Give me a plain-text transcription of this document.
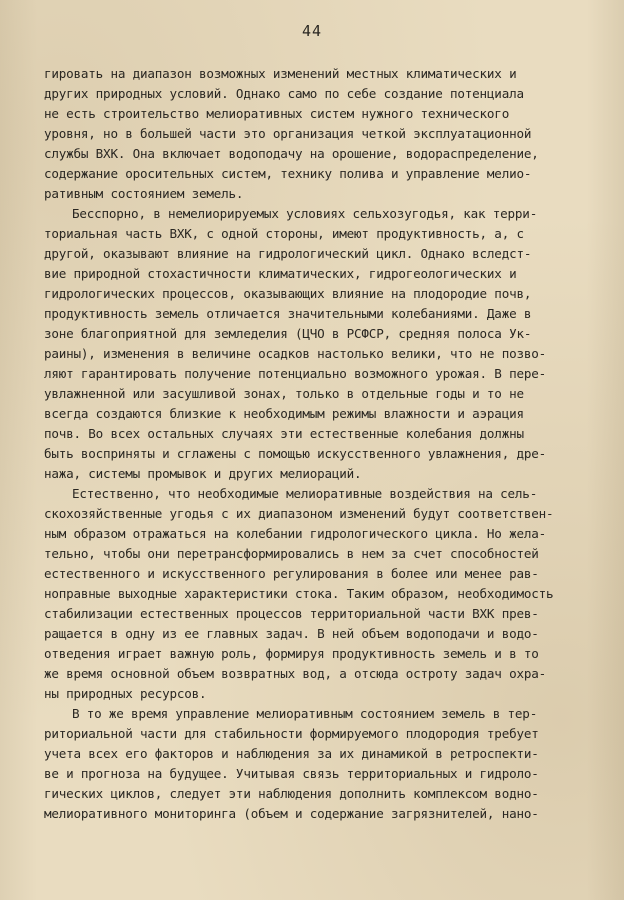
44
гировать на диапазон возможных изменений местных климатических и
других природных условий. Однако само по себе создание потенциала
не есть строительство мелиоративных систем нужного технического
уровня, но в большей части это организация четкой эксплуатационной
службы ВХК. Она включает водоподачу на орошение, водораспределение,
содержание оросительных систем, технику полива и управление мелио-
ративным состоянием земель.
Бесспорно, в немелиорируемых условиях сельхозугодья, как терри-
ториальная часть ВХК, с одной стороны, имеют продуктивность, а, с
другой, оказывают влияние на гидрологический цикл. Однако вследст-
вие природной стохастичности климатических, гидрогеологических и
гидрологических процессов, оказывающих влияние на плодородие почв,
продуктивность земель отличается значительными колебаниями. Даже в
зоне благоприятной для земледелия (ЦЧО в РСФСР, средняя полоса Ук-
раины), изменения в величине осадков настолько велики, что не позво-
ляют гарантировать получение потенциально возможного урожая. В пере-
увлажненной или засушливой зонах, только в отдельные годы и то не
всегда создаются близкие к необходимым режимы влажности и аэрация
почв. Во всех остальных случаях эти естественные колебания должны
быть восприняты и сглажены с помощью искусственного увлажнения, дре-
нажа, системы промывок и других мелиораций.
Естественно, что необходимые мелиоративные воздействия на сель-
скохозяйственные угодья с их диапазоном изменений будут соответствен-
ным образом отражаться на колебании гидрологического цикла. Но жела-
тельно, чтобы они перетрансформировались в нем за счет способностей
естественного и искусственного регулирования в более или менее рав-
ноправные выходные характеристики стока. Таким образом, необходимость
стабилизации естественных процессов территориальной части ВХК прев-
ращается в одну из ее главных задач. В ней объем водоподачи и водо-
отведения играет важную роль, формируя продуктивность земель и в то
же время основной объем возвратных вод, а отсюда остроту задач охра-
ны природных ресурсов.
В то же время управление мелиоративным состоянием земель в тер-
риториальной части для стабильности формируемого плодородия требует
учета всех его факторов и наблюдения за их динамикой в ретроспекти-
ве и прогноза на будущее. Учитывая связь территориальных и гидроло-
гических циклов, следует эти наблюдения дополнить комплексом водно-
мелиоративного мониторинга (объем и содержание загрязнителей, нано-
